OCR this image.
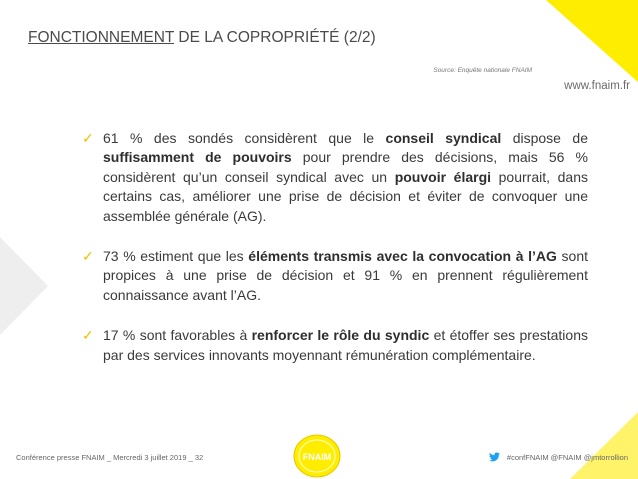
FONCTIONNEMENT DE LA COPROPRIÉTÉ (2/2)
Source: Enquête nationale FNAIM
www.fnaim.fr
✓ 61 % des sondés considèrent que le conseil syndical dispose de suffisamment de pouvoirs pour prendre des décisions, mais 56 % considèrent qu’un conseil syndical avec un pouvoir élargi pourrait, dans certains cas, améliorer une prise de décision et éviter de convoquer une assemblée générale (AG).

✓ 73 % estiment que les éléments transmis avec la convocation à l’AG sont propices à une prise de décision et 91 % en prennent régulièrement connaissance avant l’AG.

✓ 17 % sont favorables à renforcer le rôle du syndic et étoffer ses prestations par des services innovants moyennant rémunération complémentaire.

Conférence presse FNAIM _ Mercredi 3 juillet 2019 _ 32	FNAIM	#confFNAIM @FNAIM @jmtorrollion
